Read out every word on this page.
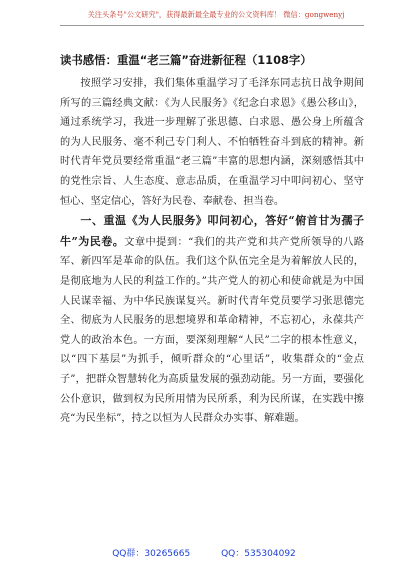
关注头条号"公文研究"，获得最新最全最专业的公文资料库！ 微信：gongwenyj
读书感悟：重温“老三篇”奋进新征程（1108字）

按照学习安排，我们集体重温学习了毛泽东同志抗日战争期间所写的三篇经典文献：《为人民服务》《纪念白求恩》《愚公移山》，通过系统学习，我进一步理解了张思德、白求恩、愚公身上所蕴含的为人民服务、毫不利己专门利人、不怕牺牲奋斗到底的精神。新时代青年党员要经常重温“老三篇”丰富的思想内涵，深刻感悟其中的党性宗旨、人生态度、意志品质，在重温学习中叩问初心、坚守恒心、坚定信心，答好为民卷、奉献卷、担当卷。

一、重温《为人民服务》叩问初心，答好“俯首甘为孺子牛”为民卷。文章中提到：“我们的共产党和共产党所领导的八路军、新四军是革命的队伍。我们这个队伍完全是为着解放人民的，是彻底地为人民的利益工作的。”共产党人的初心和使命就是为中国人民谋幸福、为中华民族谋复兴。新时代青年党员要学习张思德完全、彻底为人民服务的思想境界和革命精神，不忘初心，永葆共产党人的政治本色。一方面，要深刻理解“人民”二字的根本性意义，以“四下基层”为抓手，倾听群众的“心里话”，收集群众的“金点子”，把群众智慧转化为高质量发展的强劲动能。另一方面，要强化公仆意识，做到权为民所用情为民所系，利为民所谋，在实践中擦亮“为民坐标”，持之以恒为人民群众办实事、解难题。

QQ群：30265665	QQ：535304092
